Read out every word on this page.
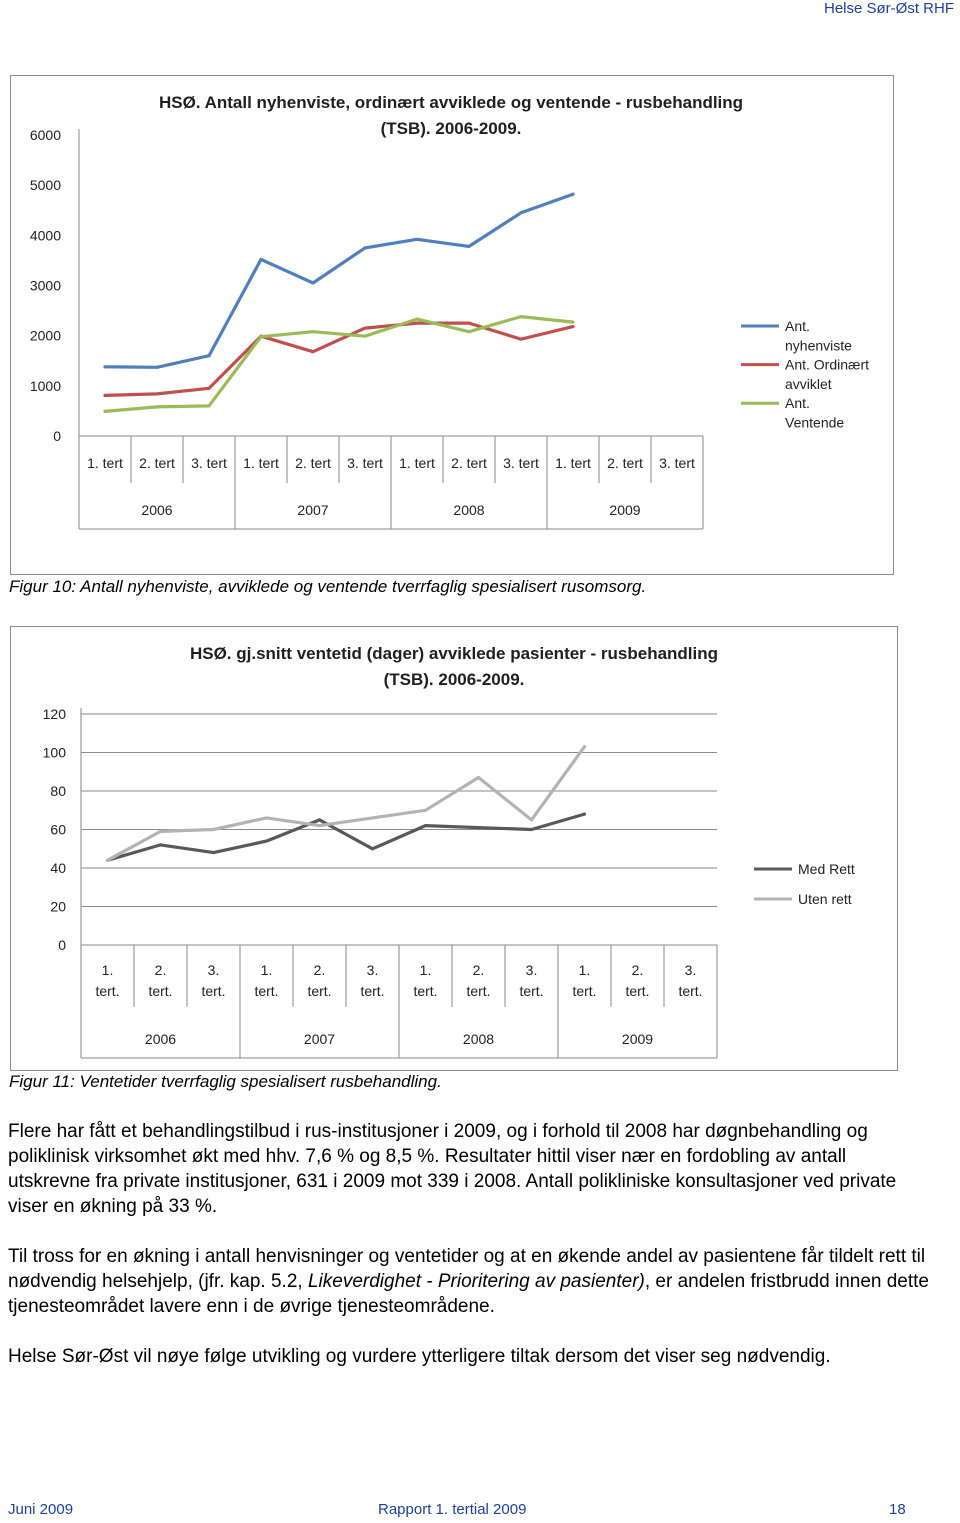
Helse Sør-Øst RHF
HSØ. Antall nyhenviste, ordinært avviklede og ventende - rusbehandling
(TSB). 2006-2009.
6000
5000
4000
3000
2000
1000
0
1. tert 2. tert 3. tert 1. tert 2. tert 3. tert 1. tert 2. tert 3. tert 1. tert 2. tert 3. tert
2006	2007	2008	2009
Ant.
nyhenviste
Ant. Ordinært
avviklet
Ant.
Ventende
Figur 10: Antall nyhenviste, avviklede og ventende tverrfaglig spesialisert rusomsorg.
HSØ. gj.snitt ventetid (dager) avviklede pasienter - rusbehandling
(TSB). 2006-2009.
120
100
80
60
40
20
0
1.
tert.
2.
tert.
3.
tert.
1.
tert.
2.
tert.
3.
tert.
1.
tert.
2.
tert.
3.
tert.
1.
tert.
2.
tert.
3.
tert.
2006	2007	2008	2009
Med Rett
Uten rett
Figur 11: Ventetider tverrfaglig spesialisert rusbehandling.

Flere har fått et behandlingstilbud i rus-institusjoner i 2009, og i forhold til 2008 har døgnbehandling og poliklinisk virksomhet økt med hhv. 7,6 % og 8,5 %. Resultater hittil viser nær en fordobling av antall utskrevne fra private institusjoner, 631 i 2009 mot 339 i 2008. Antall polikliniske konsultasjoner ved private viser en økning på 33 %.

Til tross for en økning i antall henvisninger og ventetider og at en økende andel av pasientene får tildelt rett til nødvendig helsehjelp, (jfr. kap. 5.2, Likeverdighet - Prioritering av pasienter), er andelen fristbrudd innen dette tjenesteområdet lavere enn i de øvrige tjenesteområdene.

Helse Sør-Øst vil nøye følge utvikling og vurdere ytterligere tiltak dersom det viser seg nødvendig.

Juni 2009	Rapport 1. tertial 2009	18
